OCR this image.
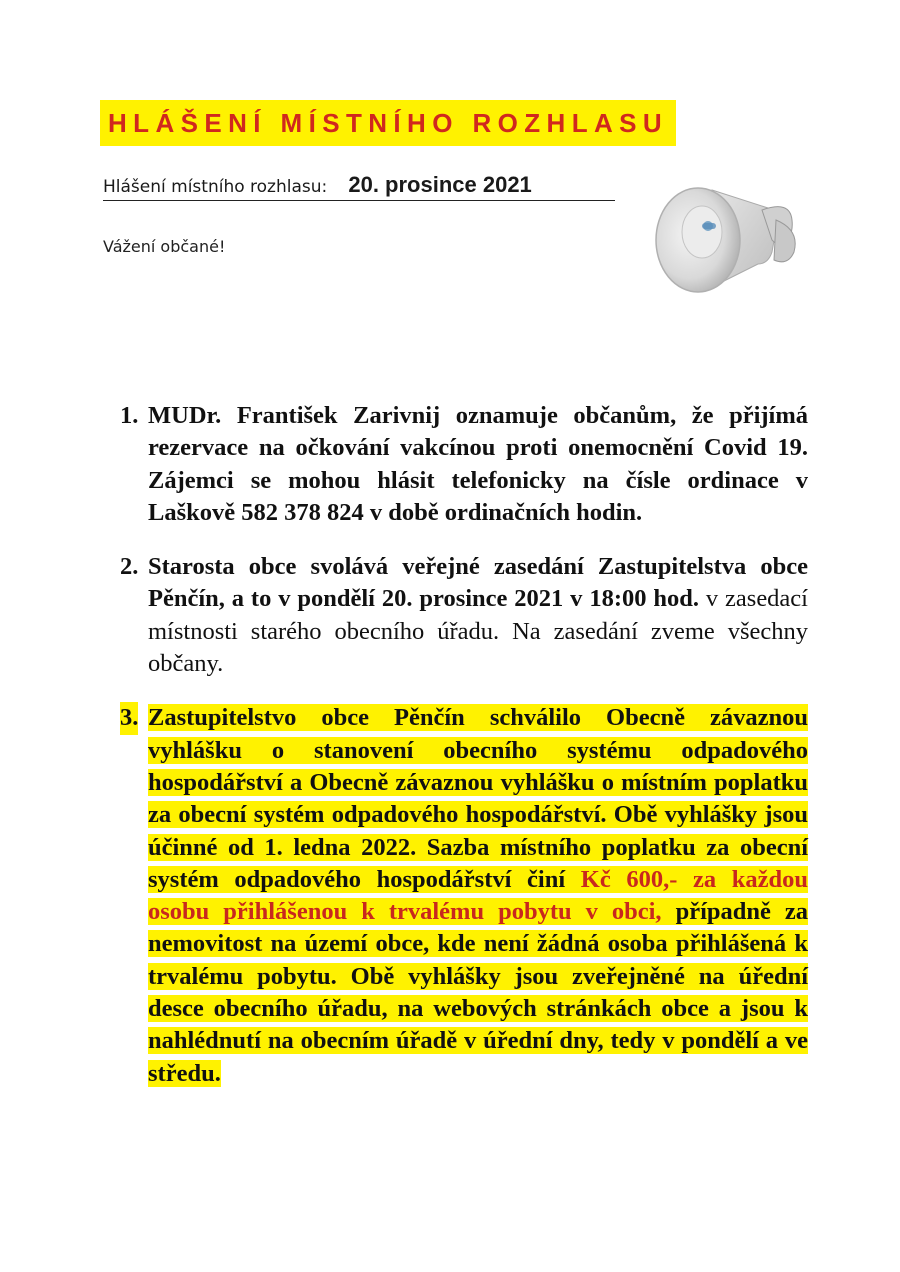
HLÁŠENÍ MÍSTNÍHO ROZHLASU
Hlášení místního rozhlasu: 20. prosince 2021
Vážení občané!
1. MUDr. František Zarivnij oznamuje občanům, že přijímá rezervace na očkování vakcínou proti onemocnění Covid 19. Zájemci se mohou hlásit telefonicky na čísle ordinace v Laškově 582 378 824 v době ordinačních hodin.
2. Starosta obce svolává veřejné zasedání Zastupitelstva obce Pěnčín, a to v pondělí 20. prosince 2021 v 18:00 hod. v zasedací místnosti starého obecního úřadu. Na zasedání zveme všechny občany.
3. Zastupitelstvo obce Pěnčín schválilo Obecně závaznou vyhlášku o stanovení obecního systému odpadového hospodářství a Obecně závaznou vyhlášku o místním poplatku za obecní systém odpadového hospodářství. Obě vyhlášky jsou účinné od 1. ledna 2022. Sazba místního poplatku za obecní systém odpadového hospodářství činí Kč 600,- za každou osobu přihlášenou k trvalému pobytu v obci, případně za nemovitost na území obce, kde není žádná osoba přihlášená k trvalému pobytu. Obě vyhlášky jsou zveřejněné na úřední desce obecního úřadu, na webových stránkách obce a jsou k nahlédnutí na obecním úřadě v úřední dny, tedy v pondělí a ve středu.
